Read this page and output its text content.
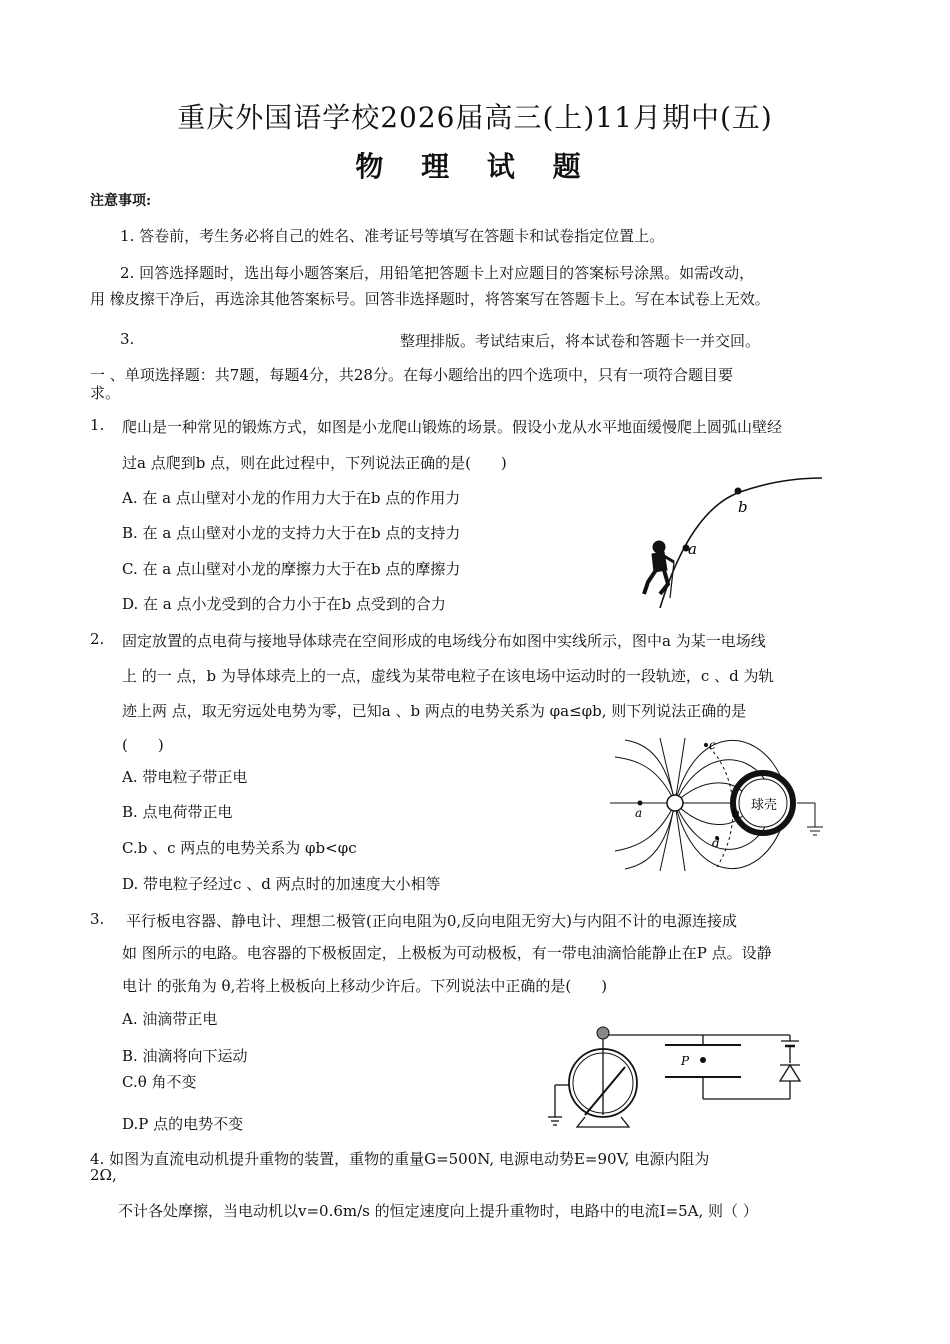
重庆外国语学校2026届高三(上)11月期中(五)
物 理 试 题
注意事项:
1. 答卷前，考生务必将自己的姓名、准考证号等填写在答题卡和试卷指定位置上。
2. 回答选择题时，选出每小题答案后，用铅笔把答题卡上对应题目的答案标号涂黑。如需改动，
用 橡皮擦干净后，再选涂其他答案标号。回答非选择题时，将答案写在答题卡上。写在本试卷上无效。
3.	整理排版。考试结束后，将本试卷和答题卡一并交回。
一 、单项选择题：共7题，每题4分，共28分。在每小题给出的四个选项中，只有一项符合题目要
求。
1. 爬山是一种常见的锻炼方式，如图是小龙爬山锻炼的场景。假设小龙从水平地面缓慢爬上圆弧山壁经
过a 点爬到b 点，则在此过程中，下列说法正确的是(　　)
A. 在 a 点山壁对小龙的作用力大于在b 点的作用力
B. 在 a 点山壁对小龙的支持力大于在b 点的支持力
C. 在 a 点山壁对小龙的摩擦力大于在b 点的摩擦力
D. 在 a 点小龙受到的合力小于在b 点受到的合力
a
b
2. 固定放置的点电荷与接地导体球壳在空间形成的电场线分布如图中实线所示，图中a 为某一电场线
上 的一 点，b 为导体球壳上的一点，虚线为某带电粒子在该电场中运动时的一段轨迹，c 、d 为轨
迹上两 点，取无穷远处电势为零，已知a 、b 两点的电势关系为 φa≤φb, 则下列说法正确的是
(　　)
A. 带电粒子带正电
B. 点电荷带正电
C.b 、c 两点的电势关系为 φb<φc
D. 带电粒子经过c 、d 两点时的加速度大小相等
a	b
c
d
球壳
3. 平行板电容器、静电计、理想二极管(正向电阻为0,反向电阻无穷大)与内阻不计的电源连接成
如 图所示的电路。电容器的下极板固定，上极板为可动极板，有一带电油滴恰能静止在P 点。设静
电计 的张角为 θ,若将上极板向上移动少许后。下列说法中正确的是(　　)
A. 油滴带正电
B. 油滴将向下运动
C.θ 角不变
D.P 点的电势不变
P
4. 如图为直流电动机提升重物的装置，重物的重量G=500N, 电源电动势E=90V, 电源内阻为
2Ω,
不计各处摩擦，当电动机以v=0.6m/s 的恒定速度向上提升重物时，电路中的电流I=5A, 则（ ）
